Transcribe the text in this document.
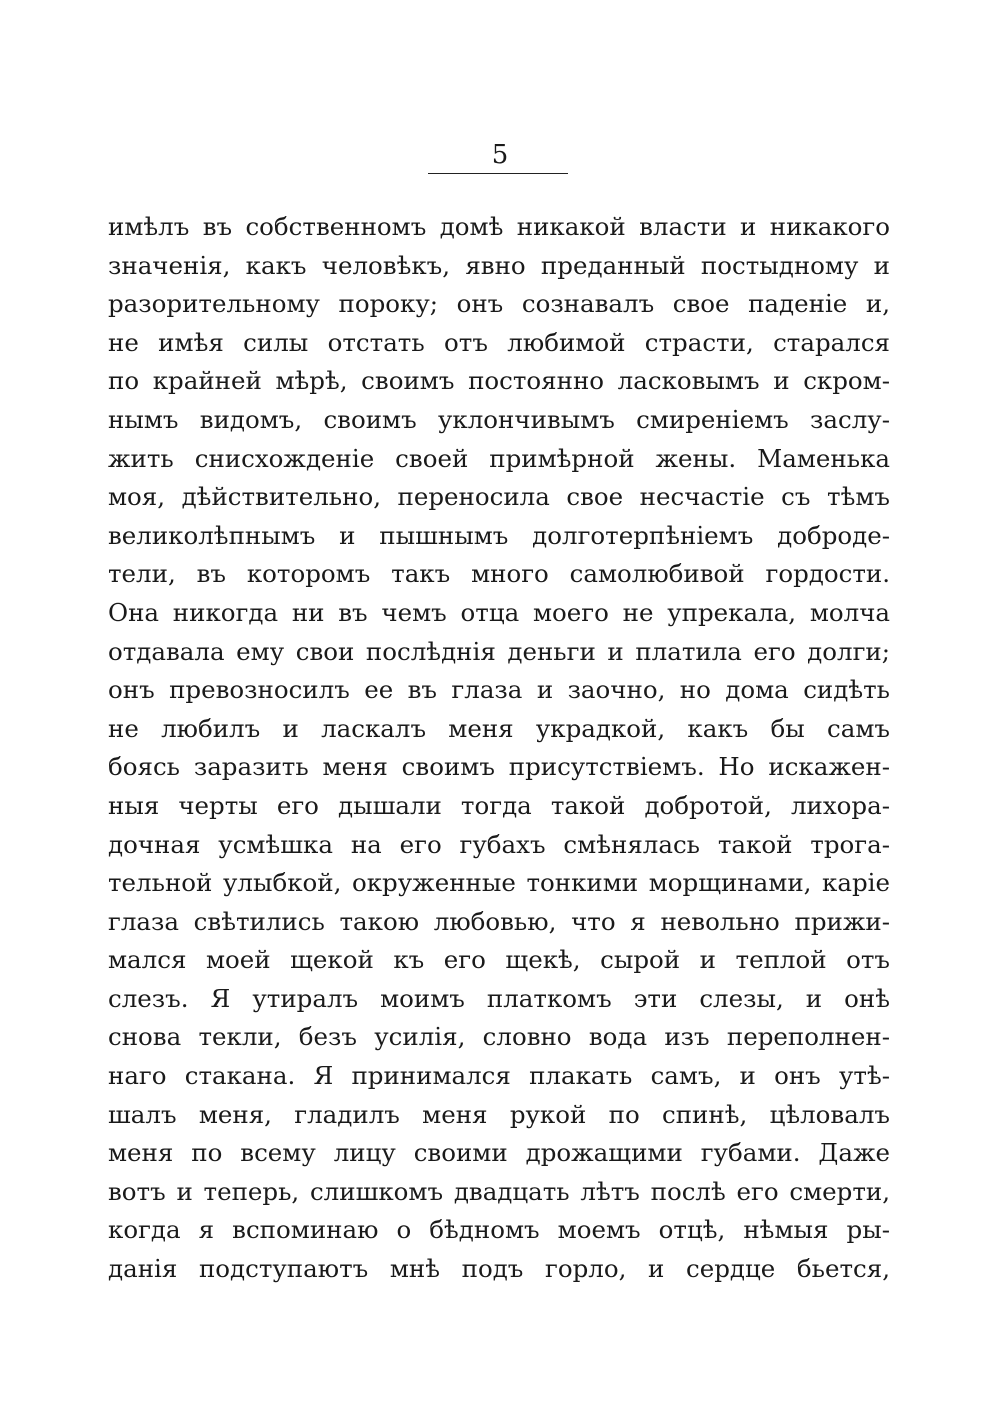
5
имѣлъ въ собственномъ домѣ никакой власти и никакого
значенія, какъ человѣкъ, явно преданный постыдному и
разорительному пороку; онъ сознавалъ свое паденіе и,
не имѣя силы отстать отъ любимой страсти, старался
по крайней мѣрѣ, своимъ постоянно ласковымъ и скром-
нымъ видомъ, своимъ уклончивымъ смиреніемъ заслу-
жить снисхожденіе своей примѣрной жены. Маменька
моя, дѣйствительно, переносила свое несчастіе съ тѣмъ
великолѣпнымъ и пышнымъ долготерпѣніемъ доброде-
тели, въ которомъ такъ много самолюбивой гордости.
Она никогда ни въ чемъ отца моего не упрекала, молча
отдавала ему свои послѣднія деньги и платила его долги;
онъ превозносилъ ее въ глаза и заочно, но дома сидѣть
не любилъ и ласкалъ меня украдкой, какъ бы самъ
боясь заразить меня своимъ присутствіемъ. Но искажен-
ныя черты его дышали тогда такой добротой, лихора-
дочная усмѣшка на его губахъ смѣнялась такой трога-
тельной улыбкой, окруженные тонкими морщинами, каріе
глаза свѣтились такою любовью, что я невольно прижи-
мался моей щекой къ его щекѣ, сырой и теплой отъ
слезъ. Я утиралъ моимъ платкомъ эти слезы, и онѣ
снова текли, безъ усилія, словно вода изъ переполнен-
наго стакана. Я принимался плакать самъ, и онъ утѣ-
шалъ меня, гладилъ меня рукой по спинѣ, цѣловалъ
меня по всему лицу своими дрожащими губами. Даже
вотъ и теперь, слишкомъ двадцать лѣтъ послѣ его смерти,
когда я вспоминаю о бѣдномъ моемъ отцѣ, нѣмыя ры-
данія подступаютъ мнѣ подъ горло, и сердце бьется,
